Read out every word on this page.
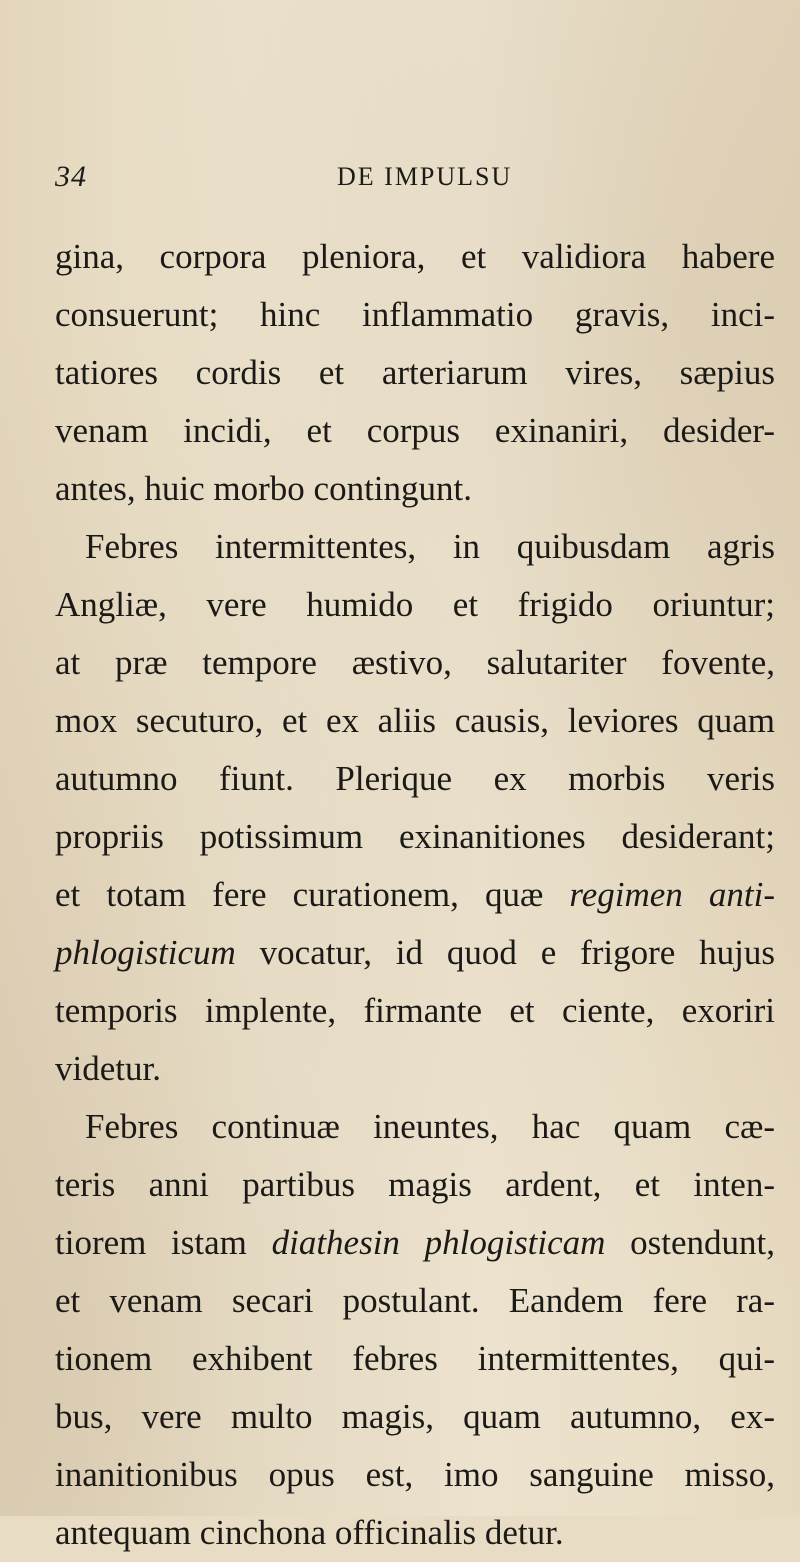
34	DE IMPULSU
gina, corpora pleniora, et validiora habere
consuerunt; hinc inflammatio gravis, inci-
tatiores cordis et arteriarum vires, sæpius
venam incidi, et corpus exinaniri, desider-
antes, huic morbo contingunt.
Febres intermittentes, in quibusdam agris
Angliæ, vere humido et frigido oriuntur;
at præ tempore æstivo, salutariter fovente,
mox secuturo, et ex aliis causis, leviores quam
autumno fiunt. Plerique ex morbis veris
propriis potissimum exinanitiones desiderant;
et totam fere curationem, quæ regimen anti-
phlogisticum vocatur, id quod e frigore hujus
temporis implente, firmante et ciente, exoriri
videtur.
Febres continuæ ineuntes, hac quam cæ-
teris anni partibus magis ardent, et inten-
tiorem istam diathesin phlogisticam ostendunt,
et venam secari postulant. Eandem fere ra-
tionem exhibent febres intermittentes, qui-
bus, vere multo magis, quam autumno, ex-
inanitionibus opus est, imo sanguine misso,
antequam cinchona officinalis detur.
